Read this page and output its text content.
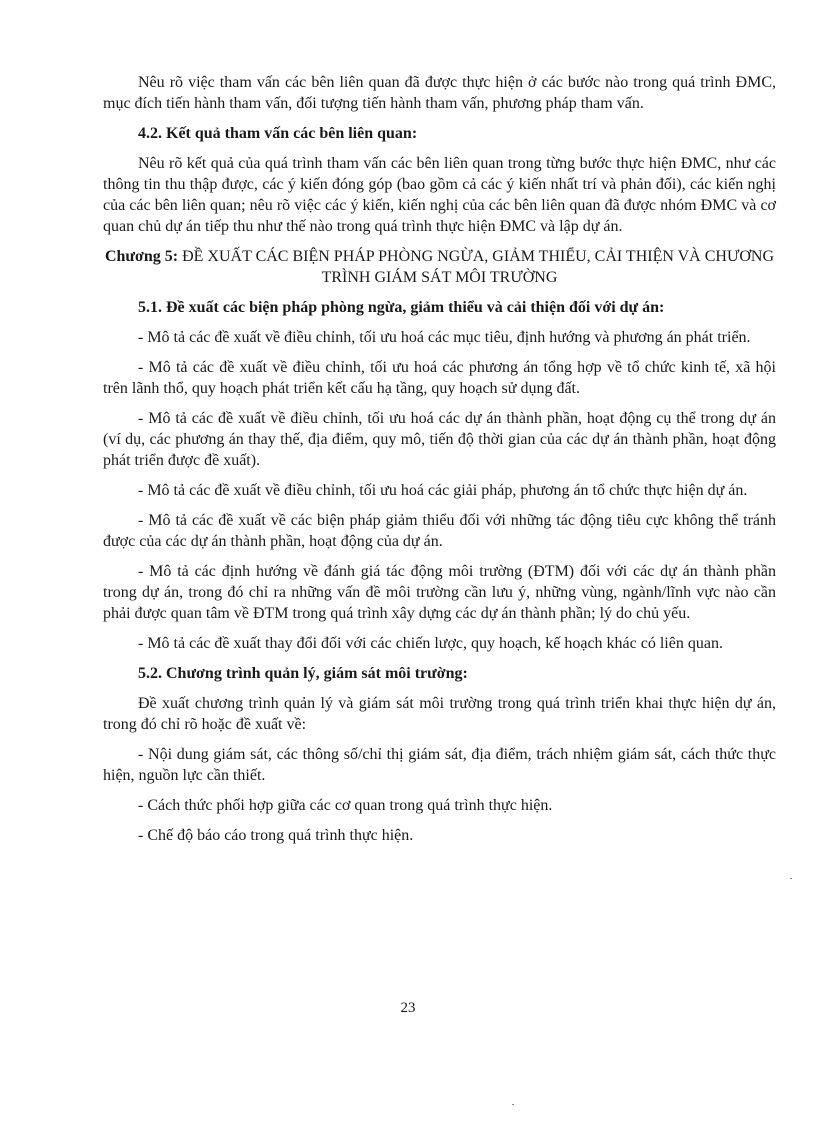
Nêu rõ việc tham vấn các bên liên quan đã được thực hiện ở các bước nào trong quá trình ĐMC, mục đích tiến hành tham vấn, đối tượng tiến hành tham vấn, phương pháp tham vấn.

4.2. Kết quả tham vấn các bên liên quan:

Nêu rõ kết quả của quá trình tham vấn các bên liên quan trong từng bước thực hiện ĐMC, như các thông tin thu thập được, các ý kiến đóng góp (bao gồm cả các ý kiến nhất trí và phản đối), các kiến nghị của các bên liên quan; nêu rõ việc các ý kiến, kiến nghị của các bên liên quan đã được nhóm ĐMC và cơ quan chủ dự án tiếp thu như thế nào trong quá trình thực hiện ĐMC và lập dự án.

Chương 5: ĐỀ XUẤT CÁC BIỆN PHÁP PHÒNG NGỪA, GIẢM THIỂU, CẢI THIỆN VÀ CHƯƠNG TRÌNH GIÁM SÁT MÔI TRƯỜNG
5.1. Đề xuất các biện pháp phòng ngừa, giảm thiểu và cải thiện đối với dự án:

- Mô tả các đề xuất về điều chỉnh, tối ưu hoá các mục tiêu, định hướng và phương án phát triển.

- Mô tả các đề xuất về điều chỉnh, tối ưu hoá các phương án tổng hợp về tổ chức kinh tế, xã hội trên lãnh thổ, quy hoạch phát triển kết cấu hạ tầng, quy hoạch sử dụng đất.

- Mô tả các đề xuất về điều chỉnh, tối ưu hoá các dự án thành phần, hoạt động cụ thể trong dự án (ví dụ, các phương án thay thế, địa điểm, quy mô, tiến độ thời gian của các dự án thành phần, hoạt động phát triển được đề xuất).

- Mô tả các đề xuất về điều chỉnh, tối ưu hoá các giải pháp, phương án tổ chức thực hiện dự án.

- Mô tả các đề xuất về các biện pháp giảm thiểu đối với những tác động tiêu cực không thể tránh được của các dự án thành phần, hoạt động của dự án.

- Mô tả các định hướng về đánh giá tác động môi trường (ĐTM) đối với các dự án thành phần trong dự án, trong đó chỉ ra những vấn đề môi trường cần lưu ý, những vùng, ngành/lĩnh vực nào cần phải được quan tâm về ĐTM trong quá trình xây dựng các dự án thành phần; lý do chủ yếu.

- Mô tả các đề xuất thay đổi đối với các chiến lược, quy hoạch, kế hoạch khác có liên quan.

5.2. Chương trình quản lý, giám sát môi trường:

Đề xuất chương trình quản lý và giám sát môi trường trong quá trình triển khai thực hiện dự án, trong đó chỉ rõ hoặc đề xuất về:

- Nội dung giám sát, các thông số/chỉ thị giám sát, địa điểm, trách nhiệm giám sát, cách thức thực hiện, nguồn lực cần thiết.

- Cách thức phối hợp giữa các cơ quan trong quá trình thực hiện.

- Chế độ báo cáo trong quá trình thực hiện.

23
